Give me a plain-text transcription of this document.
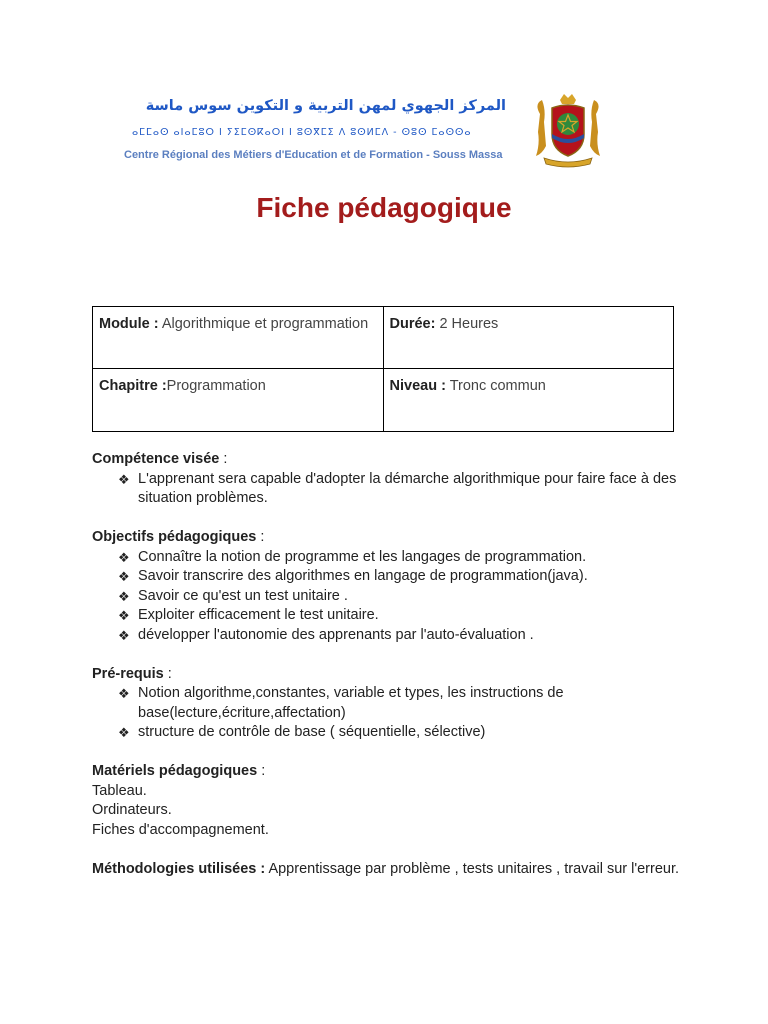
المركز الجهوي لمهن التربية و التكوين سوس ماسة
ⴰⵎⵎⴰⵙ ⴰⵏⴰⵎⵓⵔ ⵏ ⵢⵉⵎⵙⴽⴰⵔⵏ ⵏ ⵓⵙⴳⵎⵉ ⴷ ⵓⵙⵍⵎⴷ - ⵙⵓⵙ ⵎⴰⵙⵙⴰ
Centre Régional des Métiers d'Education et de Formation - Souss Massa
Fiche pédagogique
Module : Algorithmique et programmation	Durée: 2 Heures
Chapitre :Programmation	Niveau : Tronc commun
Compétence visée :
❖ L'apprenant sera capable d'adopter la démarche algorithmique pour faire face à des situation problèmes.
Objectifs pédagogiques :
❖ Connaître la notion de programme et les langages de programmation.
❖ Savoir transcrire des algorithmes en langage de programmation(java).
❖ Savoir ce qu'est un test unitaire .
❖ Exploiter efficacement le test unitaire.
❖ développer l'autonomie des apprenants par l'auto-évaluation .
Pré-requis :
❖ Notion algorithme,constantes, variable et types, les instructions de base(lecture,écriture,affectation)
❖ structure de contrôle de base ( séquentielle, sélective)
Matériels pédagogiques :
Tableau.
Ordinateurs.
Fiches d'accompagnement.
Méthodologies utilisées : Apprentissage par problème , tests unitaires , travail sur l'erreur.
